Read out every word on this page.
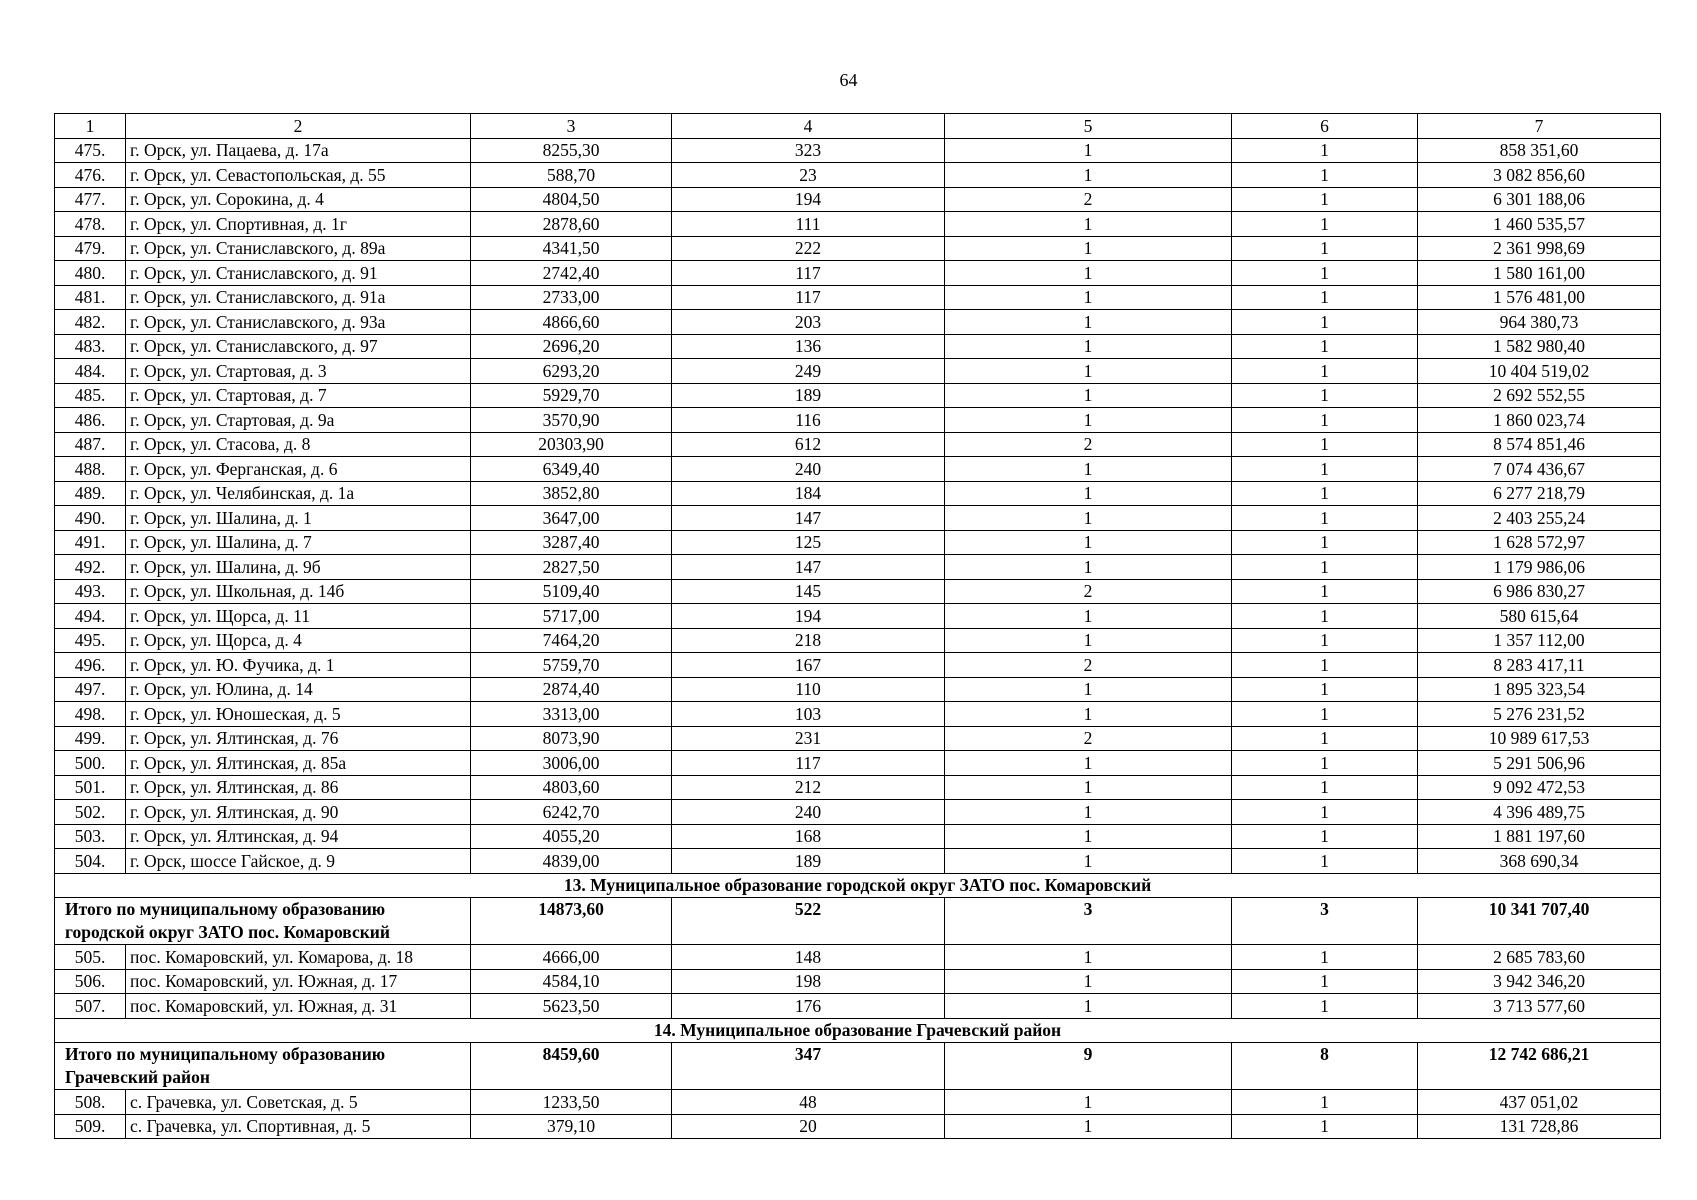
64
1	2	3	4	5	6	7
475.	г. Орск, ул. Пацаева, д. 17а	8255,30	323	1	1	858 351,60
476.	г. Орск, ул. Севастопольская, д. 55	588,70	23	1	1	3 082 856,60
477.	г. Орск, ул. Сорокина, д. 4	4804,50	194	2	1	6 301 188,06
478.	г. Орск, ул. Спортивная, д. 1г	2878,60	111	1	1	1 460 535,57
479.	г. Орск, ул. Станиславского, д. 89а	4341,50	222	1	1	2 361 998,69
480.	г. Орск, ул. Станиславского, д. 91	2742,40	117	1	1	1 580 161,00
481.	г. Орск, ул. Станиславского, д. 91а	2733,00	117	1	1	1 576 481,00
482.	г. Орск, ул. Станиславского, д. 93а	4866,60	203	1	1	964 380,73
483.	г. Орск, ул. Станиславского, д. 97	2696,20	136	1	1	1 582 980,40
484.	г. Орск, ул. Стартовая, д. 3	6293,20	249	1	1	10 404 519,02
485.	г. Орск, ул. Стартовая, д. 7	5929,70	189	1	1	2 692 552,55
486.	г. Орск, ул. Стартовая, д. 9а	3570,90	116	1	1	1 860 023,74
487.	г. Орск, ул. Стасова, д. 8	20303,90	612	2	1	8 574 851,46
488.	г. Орск, ул. Ферганская, д. 6	6349,40	240	1	1	7 074 436,67
489.	г. Орск, ул. Челябинская, д. 1а	3852,80	184	1	1	6 277 218,79
490.	г. Орск, ул. Шалина, д. 1	3647,00	147	1	1	2 403 255,24
491.	г. Орск, ул. Шалина, д. 7	3287,40	125	1	1	1 628 572,97
492.	г. Орск, ул. Шалина, д. 9б	2827,50	147	1	1	1 179 986,06
493.	г. Орск, ул. Школьная, д. 14б	5109,40	145	2	1	6 986 830,27
494.	г. Орск, ул. Щорса, д. 11	5717,00	194	1	1	580 615,64
495.	г. Орск, ул. Щорса, д. 4	7464,20	218	1	1	1 357 112,00
496.	г. Орск, ул. Ю. Фучика, д. 1	5759,70	167	2	1	8 283 417,11
497.	г. Орск, ул. Юлина, д. 14	2874,40	110	1	1	1 895 323,54
498.	г. Орск, ул. Юношеская, д. 5	3313,00	103	1	1	5 276 231,52
499.	г. Орск, ул. Ялтинская, д. 76	8073,90	231	2	1	10 989 617,53
500.	г. Орск, ул. Ялтинская, д. 85а	3006,00	117	1	1	5 291 506,96
501.	г. Орск, ул. Ялтинская, д. 86	4803,60	212	1	1	9 092 472,53
502.	г. Орск, ул. Ялтинская, д. 90	6242,70	240	1	1	4 396 489,75
503.	г. Орск, ул. Ялтинская, д. 94	4055,20	168	1	1	1 881 197,60
504.	г. Орск, шоссе Гайское, д. 9	4839,00	189	1	1	368 690,34
13. Муниципальное образование городской округ ЗАТО пос. Комаровский						
Итого по муниципальному образованию городской округ ЗАТО пос. Комаровский		14873,60	522	3	3	10 341 707,40
505.	пос. Комаровский, ул. Комарова, д. 18	4666,00	148	1	1	2 685 783,60
506.	пос. Комаровский, ул. Южная, д. 17	4584,10	198	1	1	3 942 346,20
507.	пос. Комаровский, ул. Южная, д. 31	5623,50	176	1	1	3 713 577,60
14. Муниципальное образование Грачевский район						
Итого по муниципальному образованию Грачевский район		8459,60	347	9	8	12 742 686,21
508.	с. Грачевка, ул. Советская, д. 5	1233,50	48	1	1	437 051,02
509.	с. Грачевка, ул. Спортивная, д. 5	379,10	20	1	1	131 728,86
